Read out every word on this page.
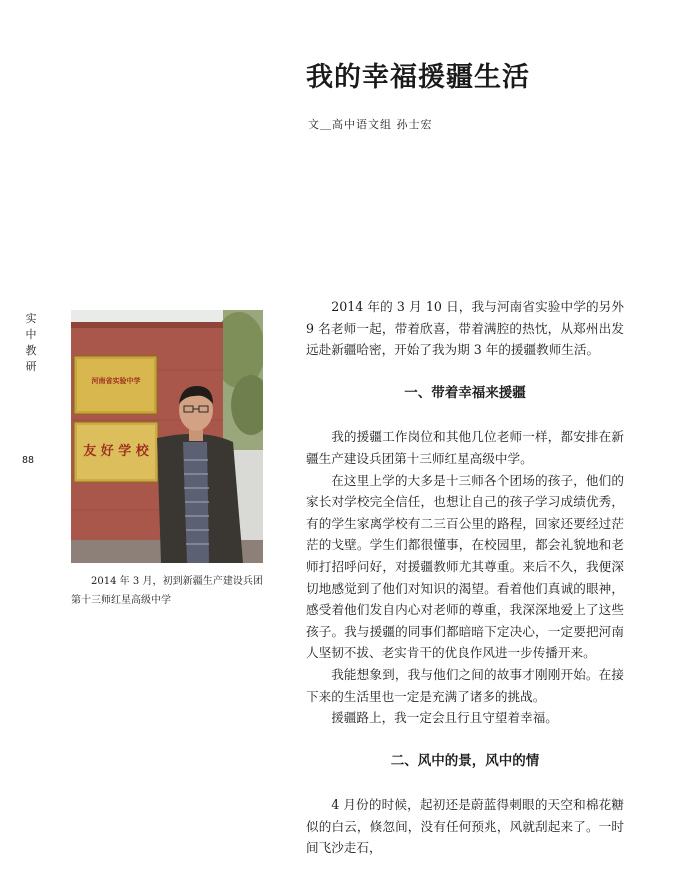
我的幸福援疆生活
文＿高中语文组 孙士宏
实中教研
88
河南省实验中学
友 好 学 校
2014 年 3 月，初到新疆生产建设兵团第十三师红星高级中学

2014 年的 3 月 10 日，我与河南省实验中学的另外 9 名老师一起，带着欣喜，带着满腔的热忱，从郑州出发远赴新疆哈密，开始了我为期 3 年的援疆教师生活。

一、带着幸福来援疆

我的援疆工作岗位和其他几位老师一样，都安排在新疆生产建设兵团第十三师红星高级中学。

在这里上学的大多是十三师各个团场的孩子，他们的家长对学校完全信任，也想让自己的孩子学习成绩优秀，有的学生家离学校有二三百公里的路程，回家还要经过茫茫的戈壁。学生们都很懂事，在校园里，都会礼貌地和老师打招呼问好，对援疆教师尤其尊重。来后不久，我便深切地感觉到了他们对知识的渴望。看着他们真诚的眼神，感受着他们发自内心对老师的尊重，我深深地爱上了这些孩子。我与援疆的同事们都暗暗下定决心，一定要把河南人坚韧不拔、老实肯干的优良作风进一步传播开来。

我能想象到，我与他们之间的故事才刚刚开始。在接下来的生活里也一定是充满了诸多的挑战。

援疆路上，我一定会且行且守望着幸福。

二、风中的景，风中的情

4 月份的时候，起初还是蔚蓝得刺眼的天空和棉花糖似的白云，倏忽间，没有任何预兆，风就刮起来了。一时间飞沙走石，
